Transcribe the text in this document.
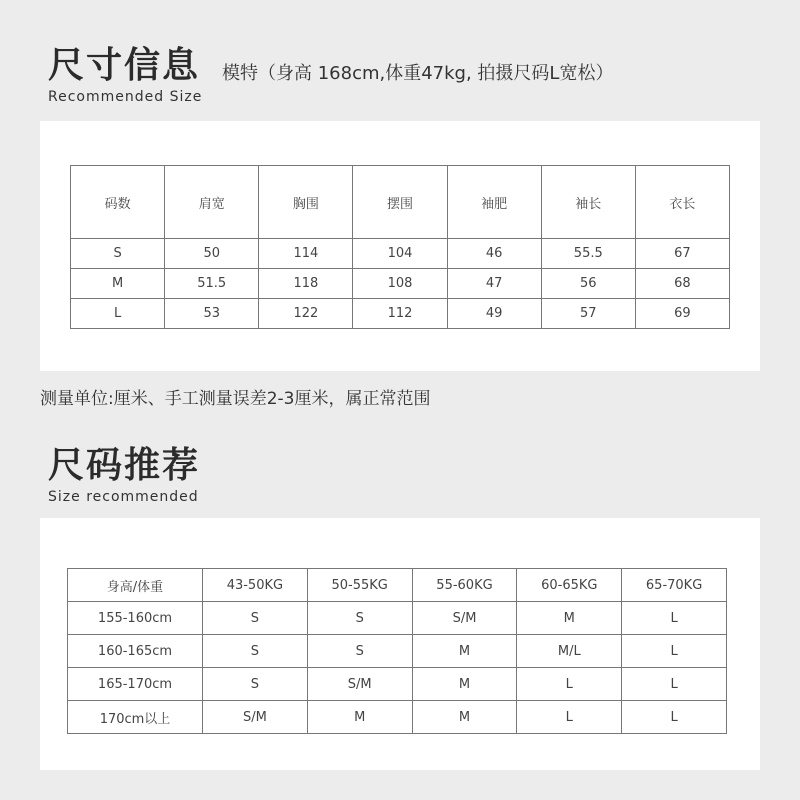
尺寸信息
Recommended Size
模特（身高 168cm,体重47kg, 拍摄尺码L宽松）
码数	肩宽	胸围	摆围	袖肥	袖长	衣长
S	50	114	104	46	55.5	67
M	51.5	118	108	47	56	68
L	53	122	112	49	57	69
测量单位:厘米、手工测量误差2-3厘米，属正常范围
尺码推荐
Size recommended
身高/体重	43-50KG	50-55KG	55-60KG	60-65KG	65-70KG
155-160cm	S	S	S/M	M	L
160-165cm	S	S	M	M/L	L
165-170cm	S	S/M	M	L	L
170cm以上	S/M	M	M	L	L
